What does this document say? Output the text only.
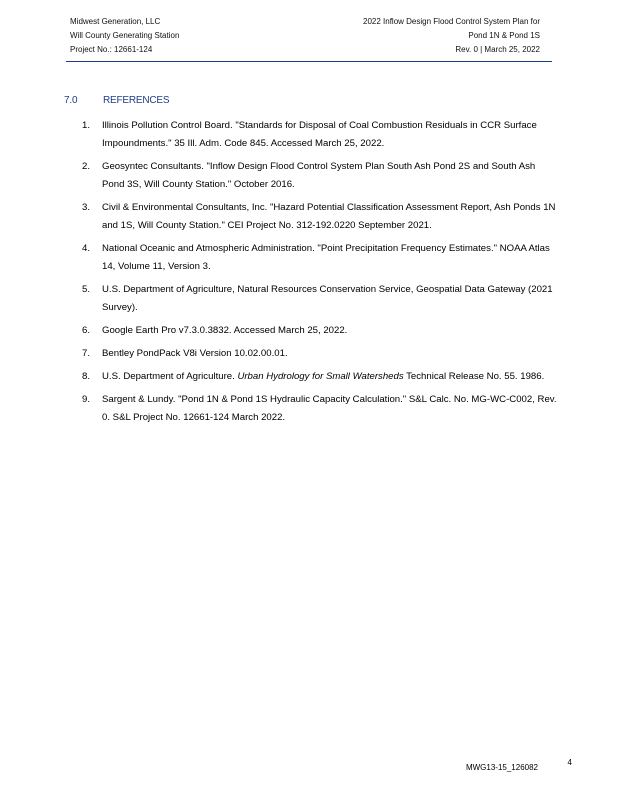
Midwest Generation, LLC
Will County Generating Station
Project No.: 12661-124
2022 Inflow Design Flood Control System Plan for
Pond 1N & Pond 1S
Rev. 0 | March 25, 2022
7.0	REFERENCES
1. Illinois Pollution Control Board. "Standards for Disposal of Coal Combustion Residuals in CCR Surface Impoundments." 35 Ill. Adm. Code 845. Accessed March 25, 2022.
2. Geosyntec Consultants. "Inflow Design Flood Control System Plan South Ash Pond 2S and South Ash Pond 3S, Will County Station." October 2016.
3. Civil & Environmental Consultants, Inc. "Hazard Potential Classification Assessment Report, Ash Ponds 1N and 1S, Will County Station." CEI Project No. 312-192.0220 September 2021.
4. National Oceanic and Atmospheric Administration. "Point Precipitation Frequency Estimates." NOAA Atlas 14, Volume 11, Version 3.
5. U.S. Department of Agriculture, Natural Resources Conservation Service, Geospatial Data Gateway (2021 Survey).
6. Google Earth Pro v7.3.0.3832. Accessed March 25, 2022.
7. Bentley PondPack V8i Version 10.02.00.01.
8. U.S. Department of Agriculture. Urban Hydrology for Small Watersheds Technical Release No. 55. 1986.
9. Sargent & Lundy. "Pond 1N & Pond 1S Hydraulic Capacity Calculation." S&L Calc. No. MG-WC-C002, Rev. 0. S&L Project No. 12661-124 March 2022.
MWG13-15_126082
4
